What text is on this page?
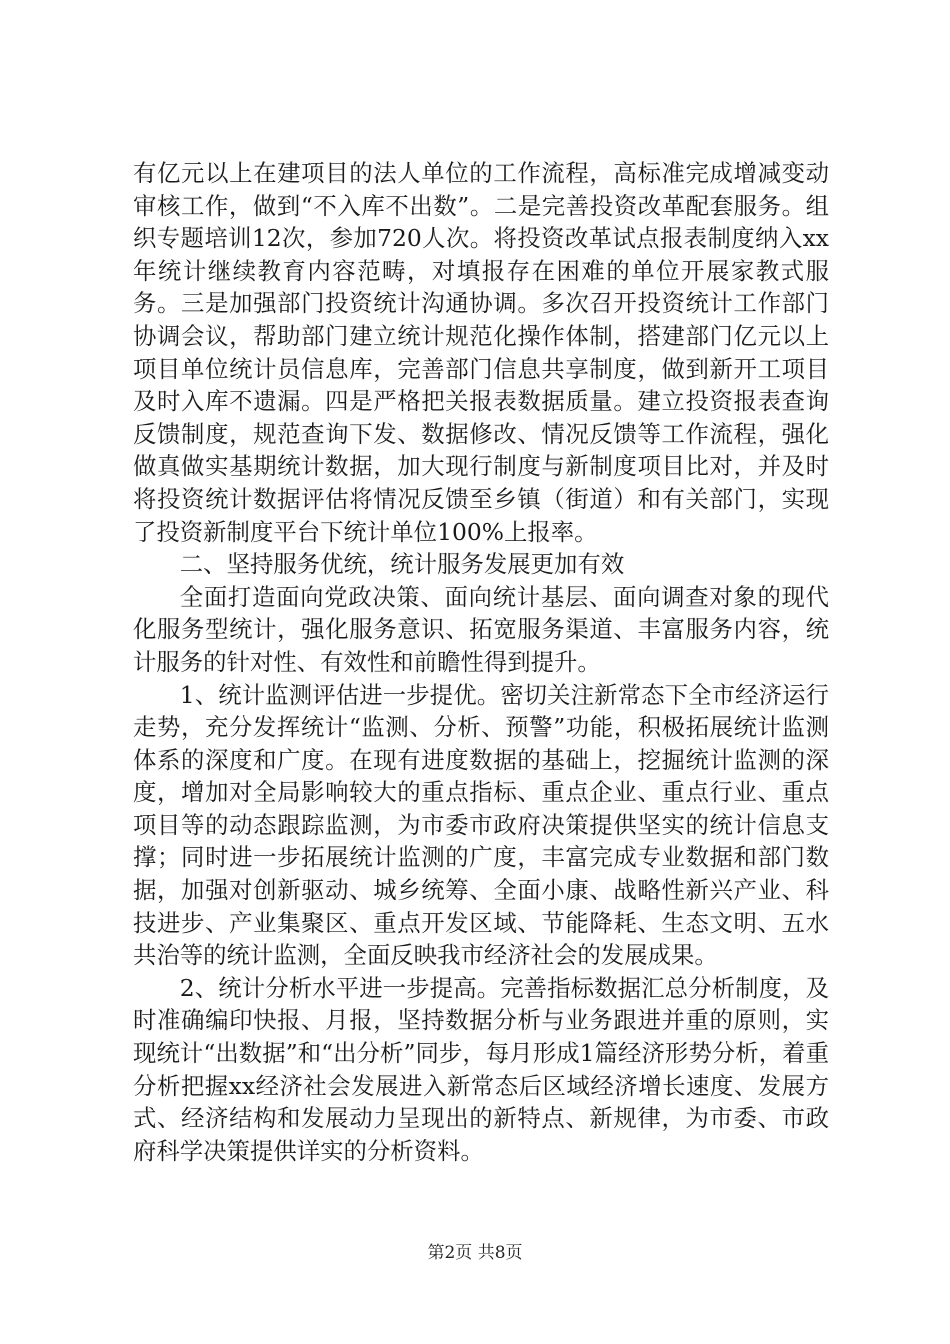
有亿元以上在建项目的法人单位的工作流程，高标准完成增减变动审核工作，做到“不入库不出数”。二是完善投资改革配套服务。组织专题培训12次，参加720人次。将投资改革试点报表制度纳入xx年统计继续教育内容范畴，对填报存在困难的单位开展家教式服务。三是加强部门投资统计沟通协调。多次召开投资统计工作部门协调会议，帮助部门建立统计规范化操作体制，搭建部门亿元以上项目单位统计员信息库，完善部门信息共享制度，做到新开工项目及时入库不遗漏。四是严格把关报表数据质量。建立投资报表查询反馈制度，规范查询下发、数据修改、情况反馈等工作流程，强化做真做实基期统计数据，加大现行制度与新制度项目比对，并及时将投资统计数据评估将情况反馈至乡镇（街道）和有关部门，实现了投资新制度平台下统计单位100%上报率。

二、坚持服务优统，统计服务发展更加有效

全面打造面向党政决策、面向统计基层、面向调查对象的现代化服务型统计，强化服务意识、拓宽服务渠道、丰富服务内容，统计服务的针对性、有效性和前瞻性得到提升。

1、统计监测评估进一步提优。密切关注新常态下全市经济运行走势，充分发挥统计“监测、分析、预警”功能，积极拓展统计监测体系的深度和广度。在现有进度数据的基础上，挖掘统计监测的深度，增加对全局影响较大的重点指标、重点企业、重点行业、重点项目等的动态跟踪监测，为市委市政府决策提供坚实的统计信息支撑；同时进一步拓展统计监测的广度，丰富完成专业数据和部门数据，加强对创新驱动、城乡统筹、全面小康、战略性新兴产业、科技进步、产业集聚区、重点开发区域、节能降耗、生态文明、五水共治等的统计监测，全面反映我市经济社会的发展成果。

2、统计分析水平进一步提高。完善指标数据汇总分析制度，及时准确编印快报、月报，坚持数据分析与业务跟进并重的原则，实现统计“出数据”和“出分析”同步，每月形成1篇经济形势分析，着重分析把握xx经济社会发展进入新常态后区域经济增长速度、发展方式、经济结构和发展动力呈现出的新特点、新规律，为市委、市政府科学决策提供详实的分析资料。

第2页 共8页
